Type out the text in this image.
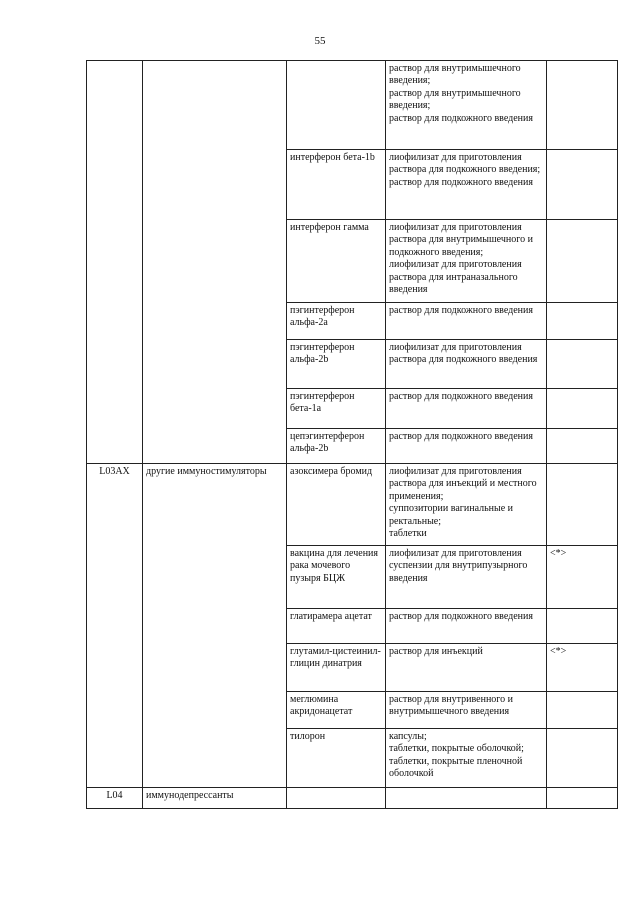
55
			раствор для внутримышечного введения;
раствор для внутримышечного введения;
раствор для подкожного введения	
		интерферон бета-1b	лиофилизат для приготовления раствора для подкожного введения;
раствор для подкожного введения	
		интерферон гамма	лиофилизат для приготовления раствора для внутримышечного и подкожного введения;
лиофилизат для приготовления раствора для интраназального введения	
		пэгинтерферон альфа-2a	раствор для подкожного введения	
		пэгинтерферон альфа-2b	лиофилизат для приготовления раствора для подкожного введения	
		пэгинтерферон бета-1a	раствор для подкожного введения	
		цепэгинтерферон альфа-2b	раствор для подкожного введения	
L03AX	другие иммуностимуляторы	азоксимера бромид	лиофилизат для приготовления раствора для инъекций и местного применения;
суппозитории вагинальные и ректальные;
таблетки	
		вакцина для лечения рака мочевого пузыря БЦЖ	лиофилизат для приготовления суспензии для внутрипузырного введения	<*>
		глатирамера ацетат	раствор для подкожного введения	
		глутамил-цистеинил-глицин динатрия	раствор для инъекций	<*>
		меглюмина акридонацетат	раствор для внутривенного и внутримышечного введения	
		тилорон	капсулы;
таблетки, покрытые оболочкой;
таблетки, покрытые пленочной оболочкой	
L04	иммунодепрессанты			
